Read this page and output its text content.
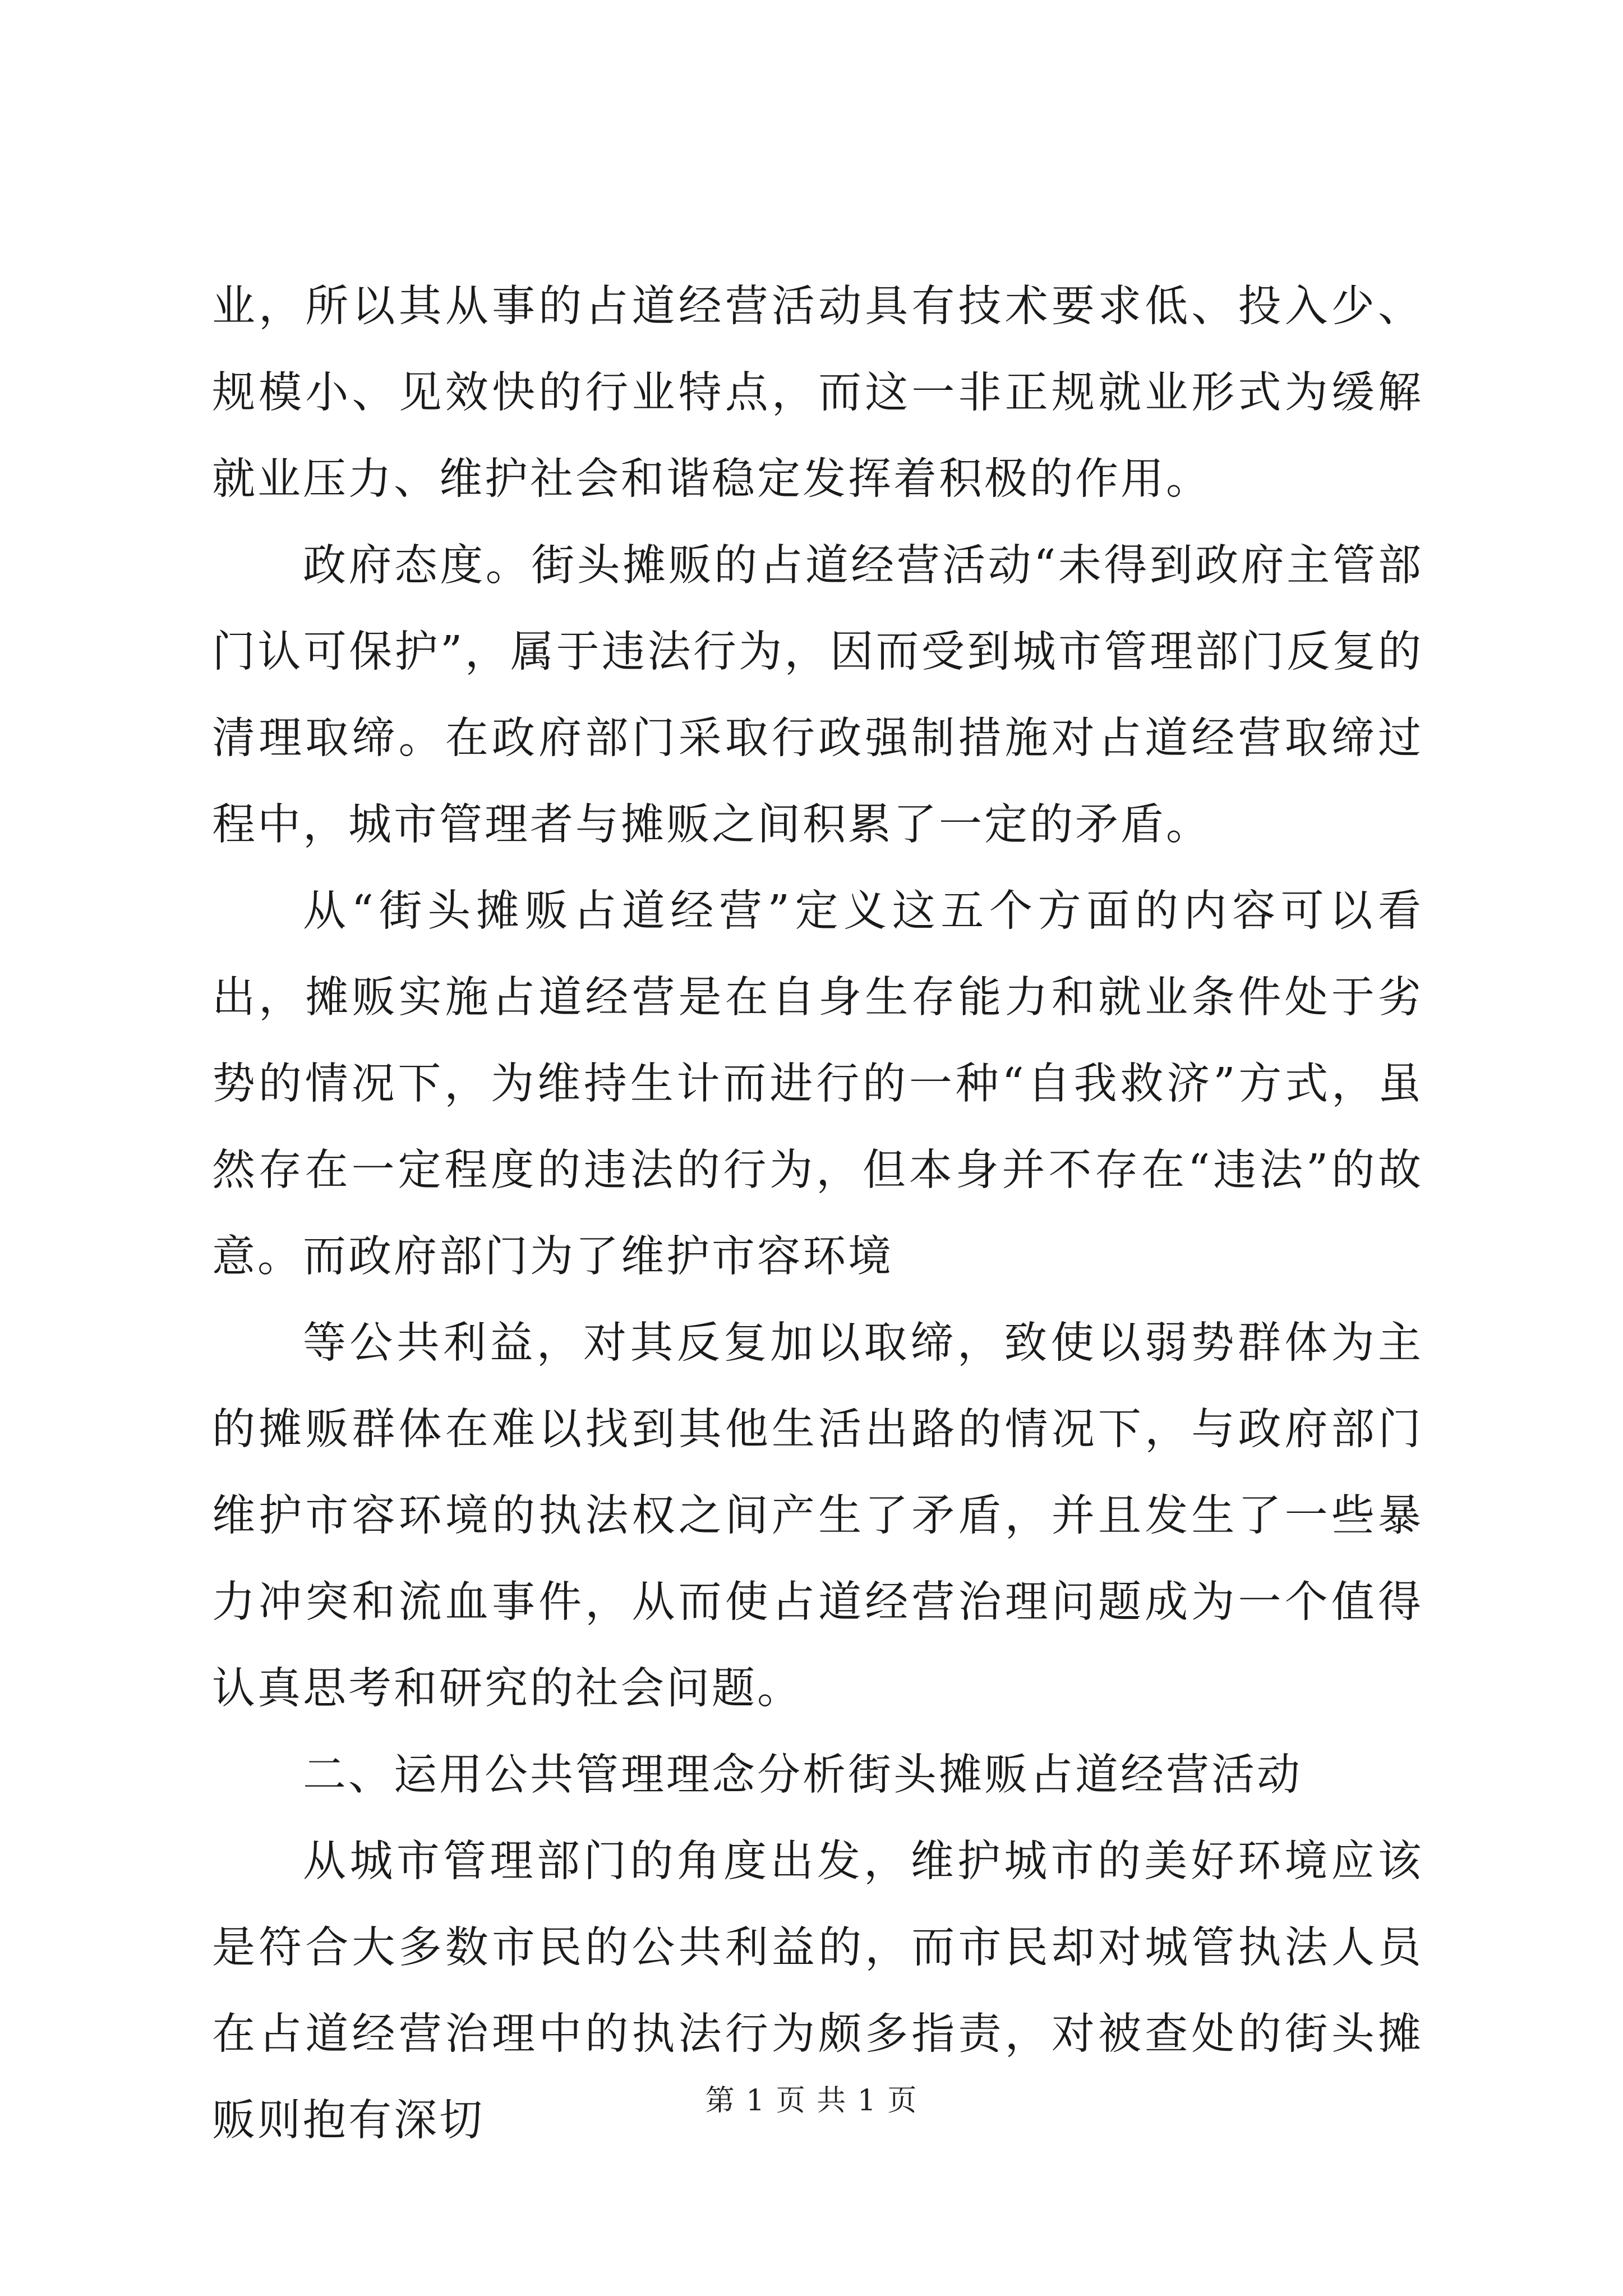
业，所以其从事的占道经营活动具有技术要求低、投入少、规模小、见效快的行业特点，而这一非正规就业形式为缓解就业压力、维护社会和谐稳定发挥着积极的作用。

政府态度。街头摊贩的占道经营活动“未得到政府主管部门认可保护”，属于违法行为，因而受到城市管理部门反复的清理取缔。在政府部门采取行政强制措施对占道经营取缔过程中，城市管理者与摊贩之间积累了一定的矛盾。

从“街头摊贩占道经营”定义这五个方面的内容可以看出，摊贩实施占道经营是在自身生存能力和就业条件处于劣势的情况下，为维持生计而进行的一种“自我救济”方式，虽然存在一定程度的违法的行为，但本身并不存在“违法”的故意。而政府部门为了维护市容环境

等公共利益，对其反复加以取缔，致使以弱势群体为主的摊贩群体在难以找到其他生活出路的情况下，与政府部门维护市容环境的执法权之间产生了矛盾，并且发生了一些暴力冲突和流血事件，从而使占道经营治理问题成为一个值得认真思考和研究的社会问题。

二、运用公共管理理念分析街头摊贩占道经营活动

从城市管理部门的角度出发，维护城市的美好环境应该是符合大多数市民的公共利益的，而市民却对城管执法人员在占道经营治理中的执法行为颇多指责，对被查处的街头摊贩则抱有深切	第 1 页 共 1 页
